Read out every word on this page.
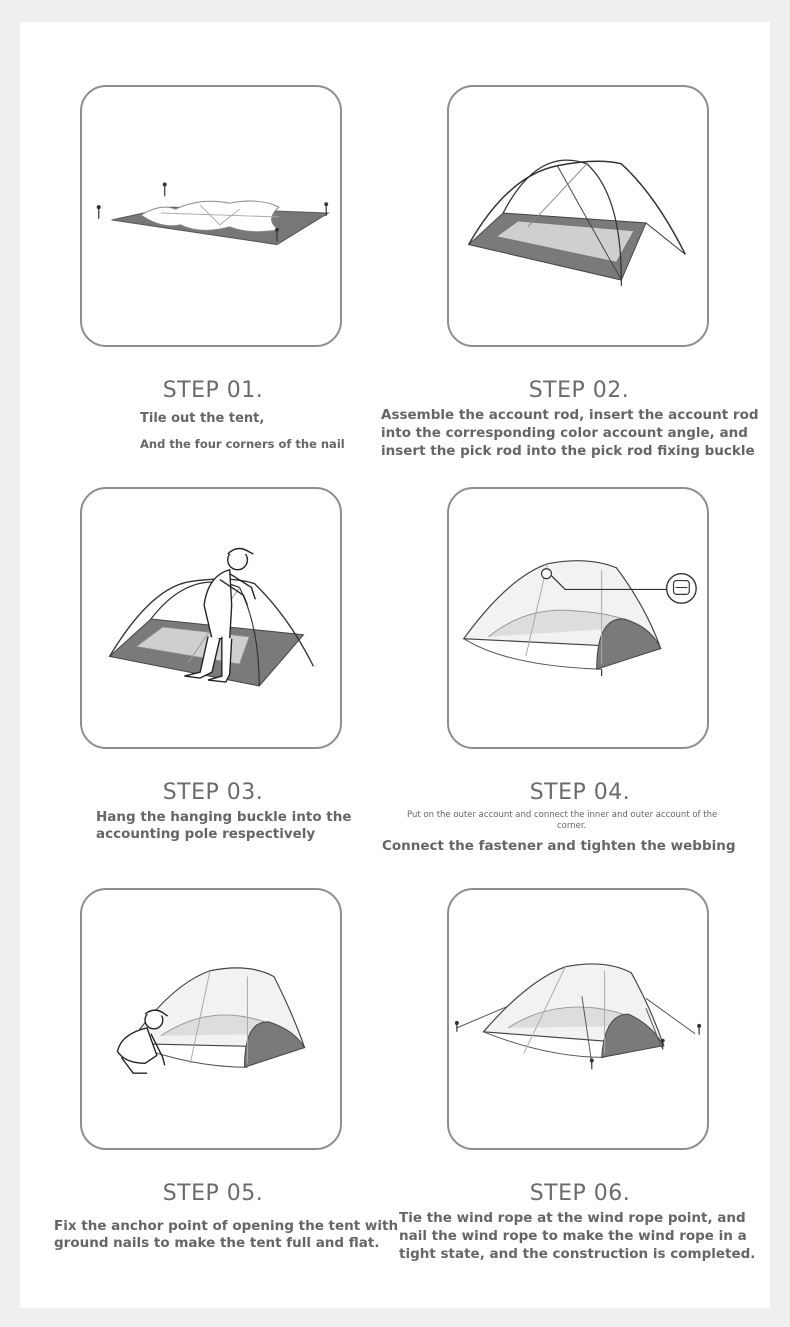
STEP 01.
Tile out the tent,
And the four corners of the nail
STEP 02.
Assemble the account rod, insert the account rod
into the corresponding color account angle, and
insert the pick rod into the pick rod fixing buckle
STEP 03.
Hang the hanging buckle into the
accounting pole respectively
STEP 04.
Put on the outer account and connect the inner and outer account of the
corner.
Connect the fastener and tighten the webbing
STEP 05.
Fix the anchor point of opening the tent with
ground nails to make the tent full and flat.
STEP 06.
Tie the wind rope at the wind rope point, and
nail the wind rope to make the wind rope in a
tight state, and the construction is completed.
